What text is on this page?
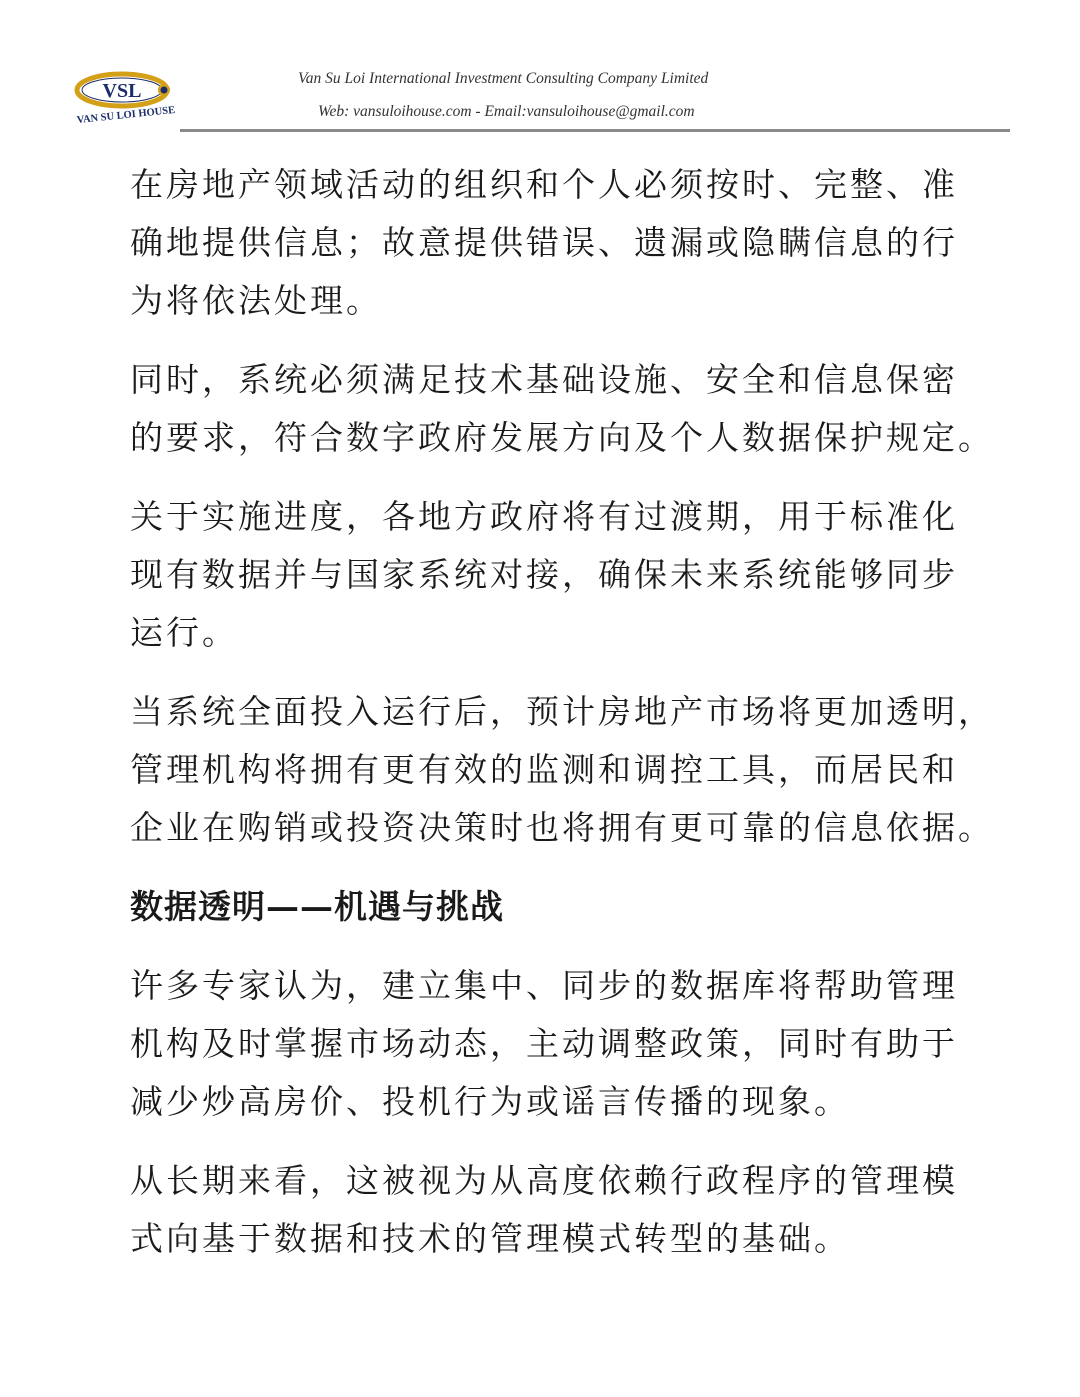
VSL
VAN SU LOI HOUSE
Van Su Loi International Investment Consulting Company Limited
Web: vansuloihouse.com - Email:vansuloihouse@gmail.com
在房地产领域活动的组织和个人必须按时、完整、准
确地提供信息；故意提供错误、遗漏或隐瞒信息的行
为将依法处理。
同时，系统必须满足技术基础设施、安全和信息保密
的要求，符合数字政府发展方向及个人数据保护规定。
关于实施进度，各地方政府将有过渡期，用于标准化
现有数据并与国家系统对接，确保未来系统能够同步
运行。
当系统全面投入运行后，预计房地产市场将更加透明，
管理机构将拥有更有效的监测和调控工具，而居民和
企业在购销或投资决策时也将拥有更可靠的信息依据。
数据透明——机遇与挑战
许多专家认为，建立集中、同步的数据库将帮助管理
机构及时掌握市场动态，主动调整政策，同时有助于
减少炒高房价、投机行为或谣言传播的现象。
从长期来看，这被视为从高度依赖行政程序的管理模
式向基于数据和技术的管理模式转型的基础。
